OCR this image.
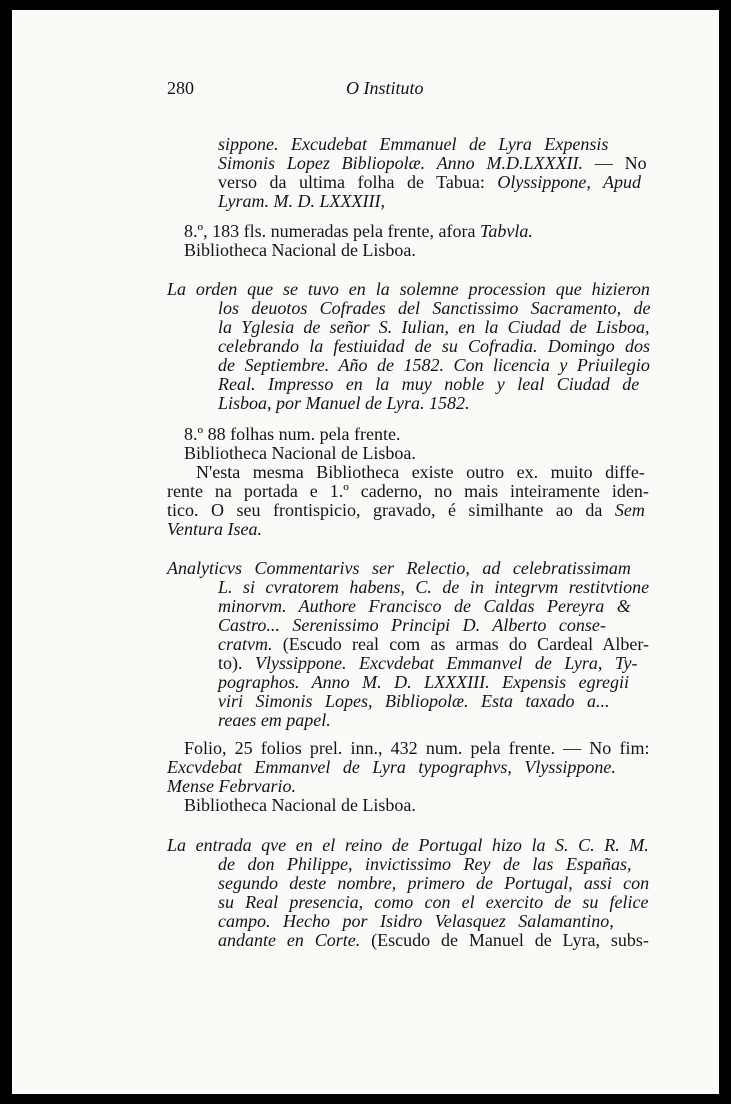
280	O Instituto
sippone. Excudebat Emmanuel de Lyra Expensis
Simonis Lopez Bibliopolæ. Anno M.D.LXXXII. — No
verso da ultima folha de Tabua: Olyssippone, Apud
Lyram. M. D. LXXXIII,
8.º, 183 fls. numeradas pela frente, afora Tabvla.
Bibliotheca Nacional de Lisboa.
La orden que se tuvo en la solemne procession que hizieron
los deuotos Cofrades del Sanctissimo Sacramento, de
la Yglesia de señor S. Iulian, en la Ciudad de Lisboa,
celebrando la festiuidad de su Cofradia. Domingo dos
de Septiembre. Año de 1582. Con licencia y Priuilegio
Real. Impresso en la muy noble y leal Ciudad de
Lisboa, por Manuel de Lyra. 1582.
8.º 88 folhas num. pela frente.
Bibliotheca Nacional de Lisboa.
N'esta mesma Bibliotheca existe outro ex. muito diffe-
rente na portada e 1.º caderno, no mais inteiramente iden-
tico. O seu frontispicio, gravado, é similhante ao da Sem
Ventura Isea.
Analyticvs Commentarivs ser Relectio, ad celebratissimam
L. si cvratorem habens, C. de in integrvm restitvtione
minorvm. Authore Francisco de Caldas Pereyra &
Castro... Serenissimo Principi D. Alberto conse-
cratvm. (Escudo real com as armas do Cardeal Alber-
to). Vlyssippone. Excvdebat Emmanvel de Lyra, Ty-
pographos. Anno M. D. LXXXIII. Expensis egregii
viri Simonis Lopes, Bibliopolæ. Esta taxado a...
reaes em papel.
Folio, 25 folios prel. inn., 432 num. pela frente. — No fim:
Excvdebat Emmanvel de Lyra typographvs, Vlyssippone.
Mense Febrvario.
Bibliotheca Nacional de Lisboa.
La entrada qve en el reino de Portugal hizo la S. C. R. M.
de don Philippe, invictissimo Rey de las Españas,
segundo deste nombre, primero de Portugal, assi con
su Real presencia, como con el exercito de su felice
campo. Hecho por Isidro Velasquez Salamantino,
andante en Corte. (Escudo de Manuel de Lyra, subs-
